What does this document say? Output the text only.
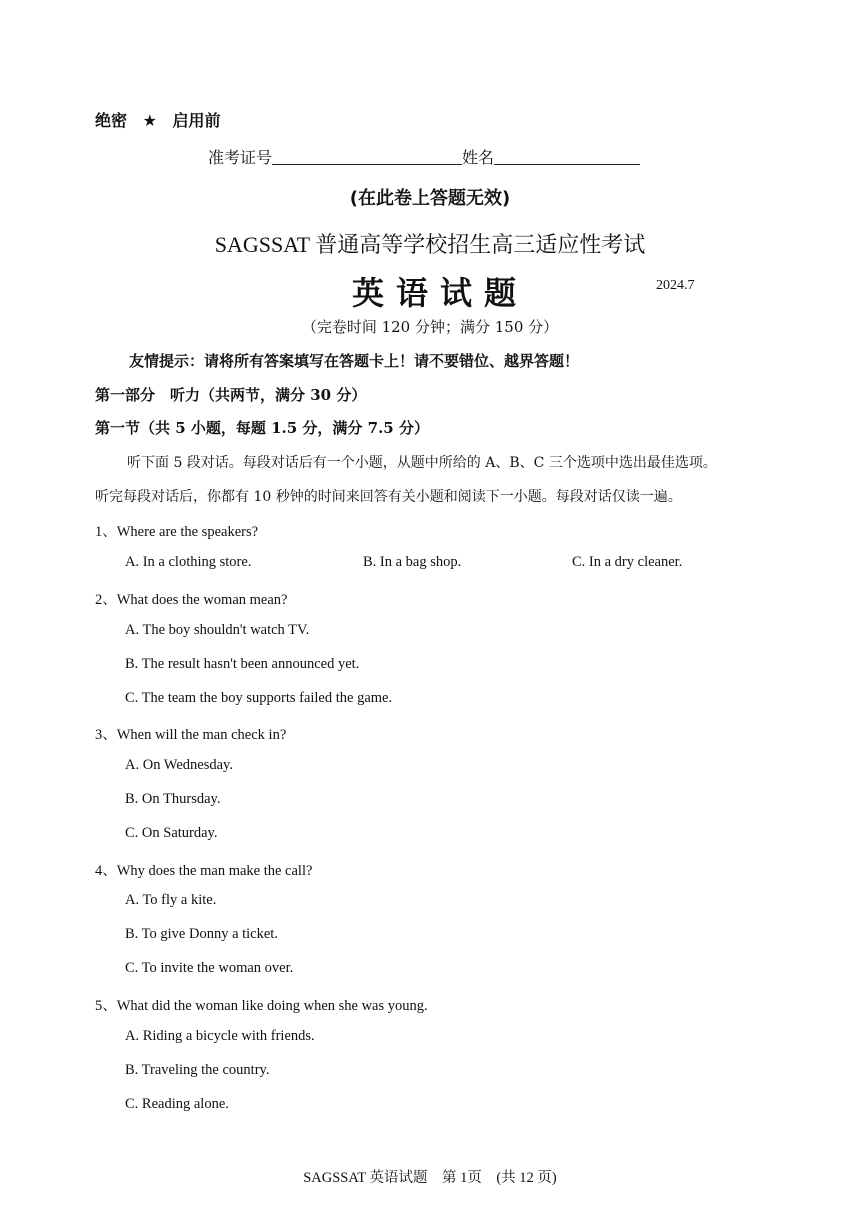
绝密 ★ 启用前
准考证号	姓名
(在此卷上答题无效)
SAGSSAT 普通高等学校招生高三适应性考试
英语试题	2024.7
（完卷时间 120 分钟；满分 150 分）
友情提示：请将所有答案填写在答题卡上！请不要错位、越界答题！
第一部分　听力（共两节，满分 30 分）
第一节（共 5 小题，每题 1.5 分，满分 7.5 分）
听下面 5 段对话。每段对话后有一个小题，从题中所给的 A、B、C 三个选项中选出最佳选项。
听完每段对话后，你都有 10 秒钟的时间来回答有关小题和阅读下一小题。每段对话仅读一遍。
1、Where are the speakers?
A. In a clothing store.	B. In a bag shop.	C. In a dry cleaner.
2、What does the woman mean?
A. The boy shouldn't watch TV.
B. The result hasn't been announced yet.
C. The team the boy supports failed the game.
3、When will the man check in?
A. On Wednesday.
B. On Thursday.
C. On Saturday.
4、Why does the man make the call?
A. To fly a kite.
B. To give Donny a ticket.
C. To invite the woman over.
5、What did the woman like doing when she was young.
A. Riding a bicycle with friends.
B. Traveling the country.
C. Reading alone.
SAGSSAT 英语试题　第 1页　(共 12 页)
